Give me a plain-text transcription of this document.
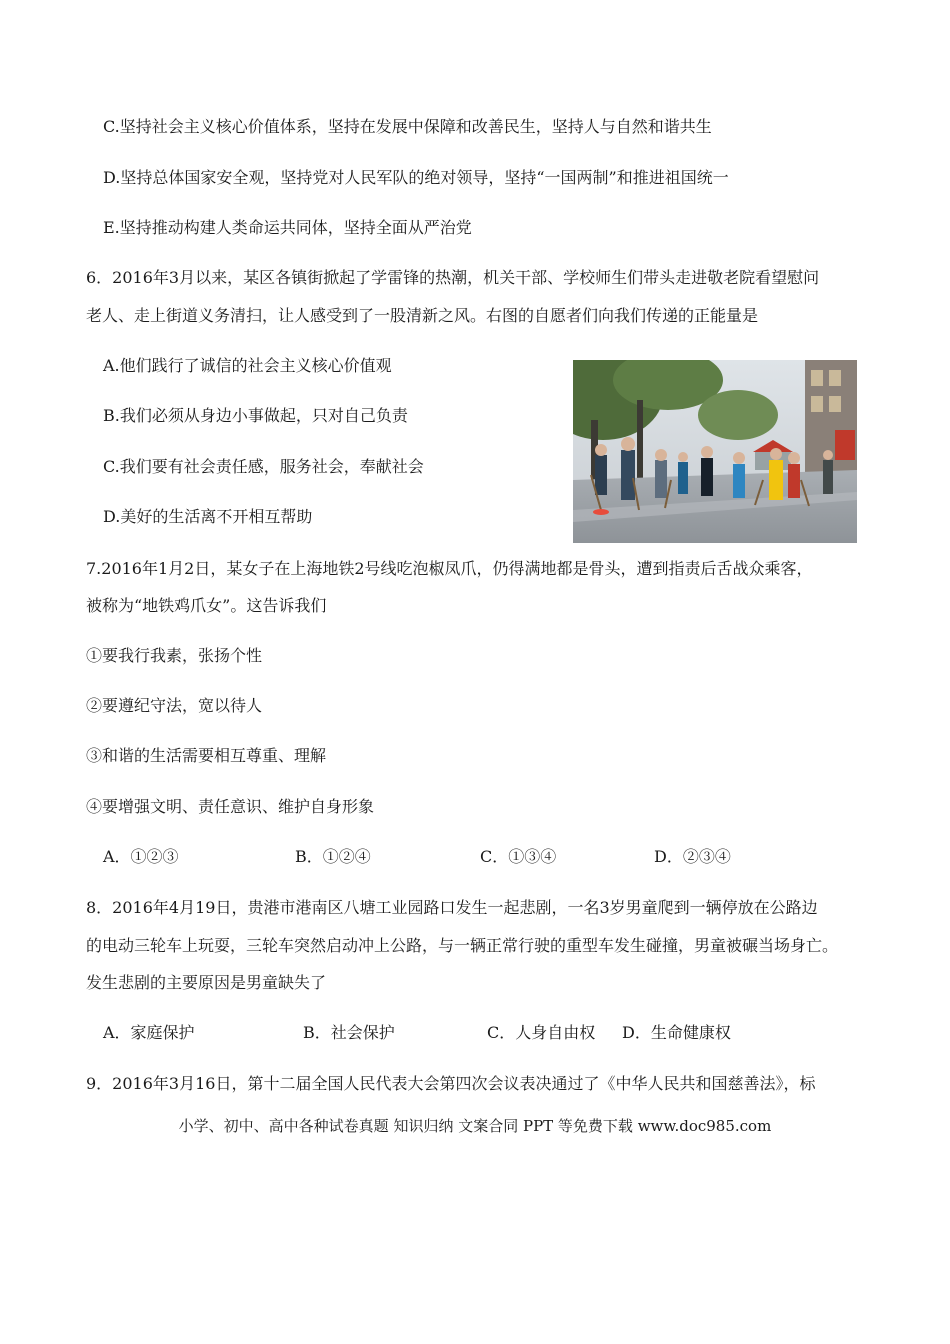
C.坚持社会主义核心价值体系，坚持在发展中保障和改善民生，坚持人与自然和谐共生
D.坚持总体国家安全观，坚持党对人民军队的绝对领导，坚持“一国两制”和推进祖国统一
E.坚持推动构建人类命运共同体，坚持全面从严治党
6．2016年3月以来，某区各镇街掀起了学雷锋的热潮，机关干部、学校师生们带头走进敬老院看望慰问
老人、走上街道义务清扫，让人感受到了一股清新之风。右图的自愿者们向我们传递的正能量是
A.他们践行了诚信的社会主义核心价值观
B.我们必须从身边小事做起，只对自己负责
C.我们要有社会责任感，服务社会，奉献社会
D.美好的生活离不开相互帮助
7.2016年1月2日，某女子在上海地铁2号线吃泡椒凤爪，仍得满地都是骨头，遭到指责后舌战众乘客，
被称为“地铁鸡爪女”。这告诉我们
①要我行我素，张扬个性
②要遵纪守法，宽以待人
③和谐的生活需要相互尊重、理解
④要增强文明、责任意识、维护自身形象
A．①②③	B．①②④	C．①③④	D．②③④
8．2016年4月19日，贵港市港南区八塘工业园路口发生一起悲剧，一名3岁男童爬到一辆停放在公路边
的电动三轮车上玩耍，三轮车突然启动冲上公路，与一辆正常行驶的重型车发生碰撞，男童被碾当场身亡。
发生悲剧的主要原因是男童缺失了
A．家庭保护	B．社会保护	C．人身自由权 D．生命健康权
9．2016年3月16日，第十二届全国人民代表大会第四次会议表决通过了《中华人民共和国慈善法》，标
小学、初中、高中各种试卷真题 知识归纳 文案合同 PPT 等免费下载 www.doc985.com
